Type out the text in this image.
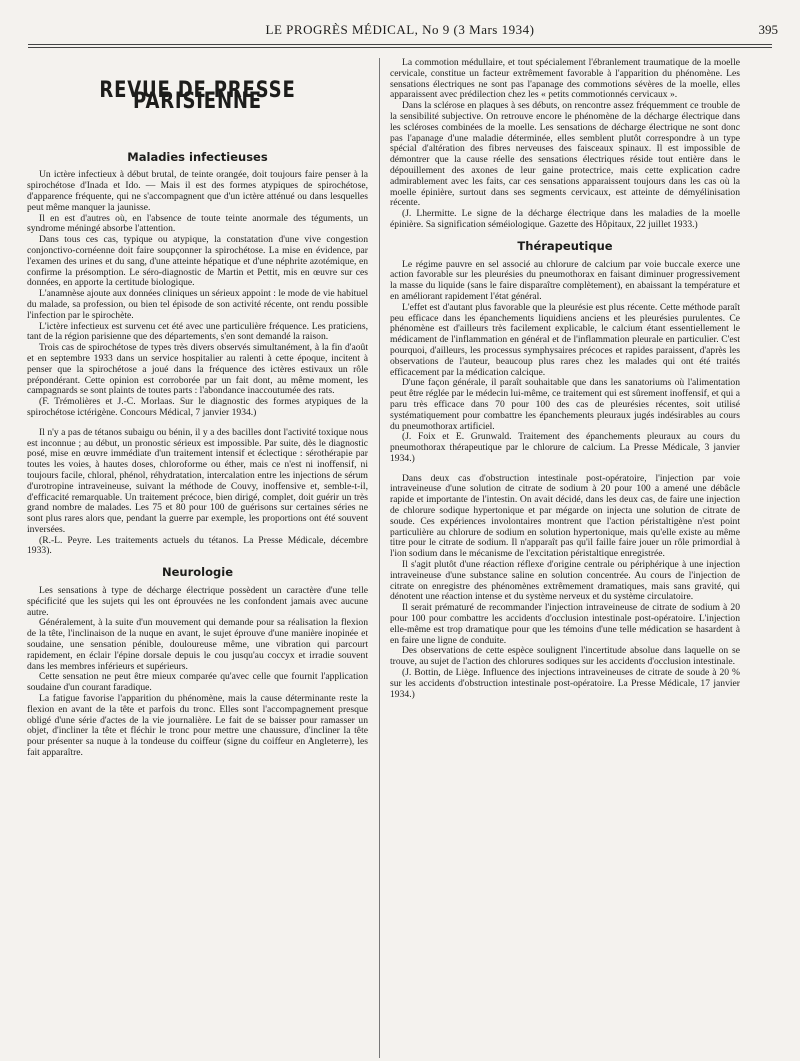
LE PROGRÈS MÉDICAL, No 9 (3 Mars 1934)	395
REVUE DE PRESSE PARISIENNE
Maladies infectieuses

Un ictère infectieux à début brutal, de teinte orangée, doit toujours faire penser à la spirochétose d'Inada et Ido. — Mais il est des formes atypiques de spirochétose, d'apparence fréquente, qui ne s'accompagnent que d'un ictère atténué ou dans lesquelles peut même manquer la jaunisse.

Il en est d'autres où, en l'absence de toute teinte anormale des téguments, un syndrome méningé absorbe l'attention.

Dans tous ces cas, typique ou atypique, la constatation d'une vive congestion conjonctivo-cornéenne doit faire soupçonner la spirochétose. La mise en évidence, par l'examen des urines et du sang, d'une atteinte hépatique et d'une néphrite azotémique, en confirme la présomption. Le séro-diagnostic de Martin et Pettit, mis en œuvre sur ces données, en apporte la certitude biologique.

L'anamnèse ajoute aux données cliniques un sérieux appoint : le mode de vie habituel du malade, sa profession, ou bien tel épisode de son activité récente, ont rendu possible l'infection par le spirochète.

L'ictère infectieux est survenu cet été avec une particulière fréquence. Les praticiens, tant de la région parisienne que des départements, s'en sont demandé la raison.

Trois cas de spirochétose de types très divers observés simultanément, à la fin d'août et en septembre 1933 dans un service hospitalier au ralenti à cette époque, incitent à penser que la spirochétose a joué dans la fréquence des ictères estivaux un rôle prépondérant. Cette opinion est corroborée par un fait dont, au même moment, les campagnards se sont plaints de toutes parts : l'abondance inaccoutumée des rats.

(F. Trémolières et J.-C. Morlaas. Sur le diagnostic des formes atypiques de la spirochétose ictérigène. Concours Médical, 7 janvier 1934.)

Il n'y a pas de tétanos subaigu ou bénin, il y a des bacilles dont l'activité toxique nous est inconnue ; au début, un pronostic sérieux est impossible. Par suite, dès le diagnostic posé, mise en œuvre immédiate d'un traitement intensif et éclectique : sérothérapie par toutes les voies, à hautes doses, chloroforme ou éther, mais ce n'est ni inoffensif, ni toujours facile, chloral, phénol, réhydratation, intercalation entre les injections de sérum d'urotropine intraveineuse, suivant la méthode de Couvy, inoffensive et, semble-t-il, d'efficacité remarquable. Un traitement précoce, bien dirigé, complet, doit guérir un très grand nombre de malades. Les 75 et 80 pour 100 de guérisons sur certaines séries ne sont plus rares alors que, pendant la guerre par exemple, les proportions ont été souvent inversées.

(R.-L. Peyre. Les traitements actuels du tétanos. La Presse Médicale, décembre 1933).

Neurologie

Les sensations à type de décharge électrique possèdent un caractère d'une telle spécificité que les sujets qui les ont éprouvées ne les confondent jamais avec aucune autre.

Généralement, à la suite d'un mouvement qui demande pour sa réalisation la flexion de la tête, l'inclinaison de la nuque en avant, le sujet éprouve d'une manière inopinée et soudaine, une sensation pénible, douloureuse même, une vibration qui parcourt rapidement, en éclair l'épine dorsale depuis le cou jusqu'au coccyx et irradie souvent dans les membres inférieurs et supérieurs.

Cette sensation ne peut être mieux comparée qu'avec celle que fournit l'application soudaine d'un courant faradique.

La fatigue favorise l'apparition du phénomène, mais la cause déterminante reste la flexion en avant de la tête et parfois du tronc. Elles sont l'accompagnement presque obligé d'une série d'actes de la vie journalière. Le fait de se baisser pour ramasser un objet, d'incliner la tête et fléchir le tronc pour mettre une chaussure, d'incliner la tête pour présenter sa nuque à la tondeuse du coiffeur (signe du coiffeur en Angleterre), les fait apparaître.

La commotion médullaire, et tout spécialement l'ébranlement traumatique de la moelle cervicale, constitue un facteur extrêmement favorable à l'apparition du phénomène. Les sensations électriques ne sont pas l'apanage des commotions sévères de la moelle, elles apparaissent avec prédilection chez les « petits commotionnés cervicaux ».

Dans la sclérose en plaques à ses débuts, on rencontre assez fréquemment ce trouble de la sensibilité subjective. On retrouve encore le phénomène de la décharge électrique dans les scléroses combinées de la moelle. Les sensations de décharge électrique ne sont donc pas l'apanage d'une maladie déterminée, elles semblent plutôt correspondre à un type spécial d'altération des fibres nerveuses des faisceaux spinaux. Il est impossible de démontrer que la cause réelle des sensations électriques réside tout entière dans le dépouillement des axones de leur gaine protectrice, mais cette explication cadre admirablement avec les faits, car ces sensations apparaissent toujours dans les cas où la moelle épinière, surtout dans ses segments cervicaux, est atteinte de démyélinisation récente.

(J. Lhermitte. Le signe de la décharge électrique dans les maladies de la moelle épinière. Sa signification séméiologique. Gazette des Hôpitaux, 22 juillet 1933.)

Thérapeutique

Le régime pauvre en sel associé au chlorure de calcium par voie buccale exerce une action favorable sur les pleurésies du pneumothorax en faisant diminuer progressivement la masse du liquide (sans le faire disparaître complètement), en abaissant la température et en améliorant rapidement l'état général.

L'effet est d'autant plus favorable que la pleurésie est plus récente. Cette méthode paraît peu efficace dans les épanchements liquidiens anciens et les pleurésies purulentes. Ce phénomène est d'ailleurs très facilement explicable, le calcium étant essentiellement le médicament de l'inflammation en général et de l'inflammation pleurale en particulier. C'est pourquoi, d'ailleurs, les processus symphysaires précoces et rapides paraissent, d'après les observations de l'auteur, beaucoup plus rares chez les malades qui ont été traités efficacement par la médication calcique.

D'une façon générale, il paraît souhaitable que dans les sanatoriums où l'alimentation peut être réglée par le médecin lui-même, ce traitement qui est sûrement inoffensif, et qui a paru très efficace dans 70 pour 100 des cas de pleurésies récentes, soit utilisé systématiquement pour combattre les épanchements pleuraux jugés indésirables au cours du pneumothorax artificiel.

(J. Foix et E. Grunwald. Traitement des épanchements pleuraux au cours du pneumothorax thérapeutique par le chlorure de calcium. La Presse Médicale, 3 janvier 1934.)

Dans deux cas d'obstruction intestinale post-opératoire, l'injection par voie intraveineuse d'une solution de citrate de sodium à 20 pour 100 a amené une débâcle rapide et importante de l'intestin. On avait décidé, dans les deux cas, de faire une injection de chlorure sodique hypertonique et par mégarde on injecta une solution de citrate de soude. Ces expériences involontaires montrent que l'action péristaltigène n'est point particulière au chlorure de sodium en solution hypertonique, mais qu'elle existe au même titre pour le citrate de sodium. Il n'apparaît pas qu'il faille faire jouer un rôle primordial à l'ion sodium dans le mécanisme de l'excitation péristaltique enregistrée.

Il s'agit plutôt d'une réaction réflexe d'origine centrale ou périphérique à une injection intraveineuse d'une substance saline en solution concentrée. Au cours de l'injection de citrate on enregistre des phénomènes extrêmement dramatiques, mais sans gravité, qui dénotent une réaction intense et du système nerveux et du système circulatoire.

Il serait prématuré de recommander l'injection intraveineuse de citrate de sodium à 20 pour 100 pour combattre les accidents d'occlusion intestinale post-opératoire. L'injection elle-même est trop dramatique pour que les témoins d'une telle médication se hasardent à en faire une ligne de conduite.

Des observations de cette espèce soulignent l'incertitude absolue dans laquelle on se trouve, au sujet de l'action des chlorures sodiques sur les accidents d'occlusion intestinale.

(J. Bottin, de Liège. Influence des injections intraveineuses de citrate de soude à 20 % sur les accidents d'obstruction intestinale post-opératoire. La Presse Médicale, 17 janvier 1934.)
